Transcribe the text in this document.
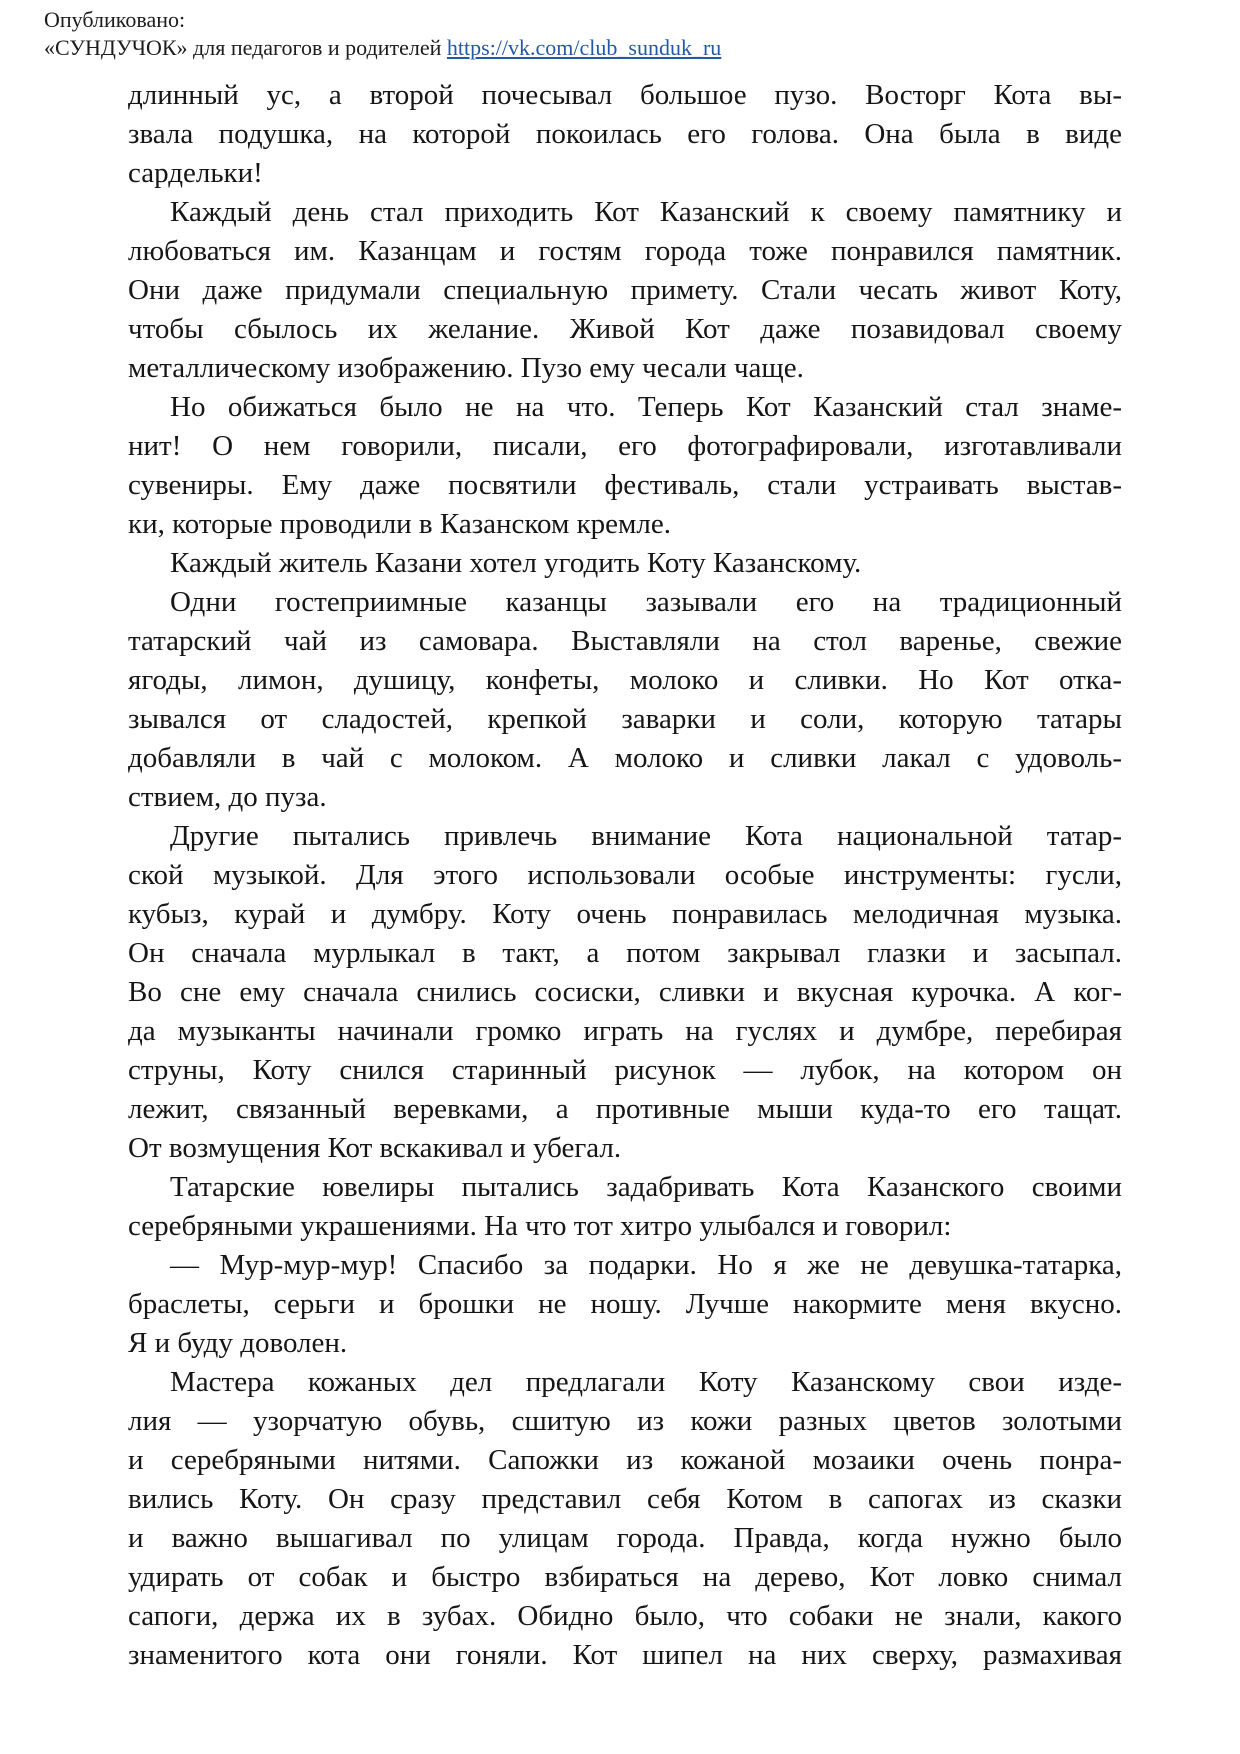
Опубликовано:
«СУНДУЧОК» для педагогов и родителей https://vk.com/club_sunduk_ru
длинный ус, а второй почесывал большое пузо. Восторг Кота вы-
звала подушка, на которой покоилась его голова. Она была в виде
сардельки!
Каждый день стал приходить Кот Казанский к своему памятнику и
любоваться им. Казанцам и гостям города тоже понравился памятник.
Они даже придумали специальную примету. Стали чесать живот Коту,
чтобы сбылось их желание. Живой Кот даже позавидовал своему
металлическому изображению. Пузо ему чесали чаще.
Но обижаться было не на что. Теперь Кот Казанский стал знаме-
нит! О нем говорили, писали, его фотографировали, изготавливали
сувениры. Ему даже посвятили фестиваль, стали устраивать выстав-
ки, которые проводили в Казанском кремле.
Каждый житель Казани хотел угодить Коту Казанскому.
Одни гостеприимные казанцы зазывали его на традиционный
татарский чай из самовара. Выставляли на стол варенье, свежие
ягоды, лимон, душицу, конфеты, молоко и сливки. Но Кот отка-
зывался от сладостей, крепкой заварки и соли, которую татары
добавляли в чай с молоком. А молоко и сливки лакал с удоволь-
ствием, до пуза.
Другие пытались привлечь внимание Кота национальной татар-
ской музыкой. Для этого использовали особые инструменты: гусли,
кубыз, курай и думбру. Коту очень понравилась мелодичная музыка.
Он сначала мурлыкал в такт, а потом закрывал глазки и засыпал.
Во сне ему сначала снились сосиски, сливки и вкусная курочка. А ког-
да музыканты начинали громко играть на гуслях и думбре, перебирая
струны, Коту снился старинный рисунок — лубок, на котором он
лежит, связанный веревками, а противные мыши куда-то его тащат.
От возмущения Кот вскакивал и убегал.
Татарские ювелиры пытались задабривать Кота Казанского своими
серебряными украшениями. На что тот хитро улыбался и говорил:
— Мур-мур-мур! Спасибо за подарки. Но я же не девушка-татарка,
браслеты, серьги и брошки не ношу. Лучше накормите меня вкусно.
Я и буду доволен.
Мастера кожаных дел предлагали Коту Казанскому свои изде-
лия — узорчатую обувь, сшитую из кожи разных цветов золотыми
и серебряными нитями. Сапожки из кожаной мозаики очень понра-
вились Коту. Он сразу представил себя Котом в сапогах из сказки
и важно вышагивал по улицам города. Правда, когда нужно было
удирать от собак и быстро взбираться на дерево, Кот ловко снимал
сапоги, держа их в зубах. Обидно было, что собаки не знали, какого
знаменитого кота они гоняли. Кот шипел на них сверху, размахивая
